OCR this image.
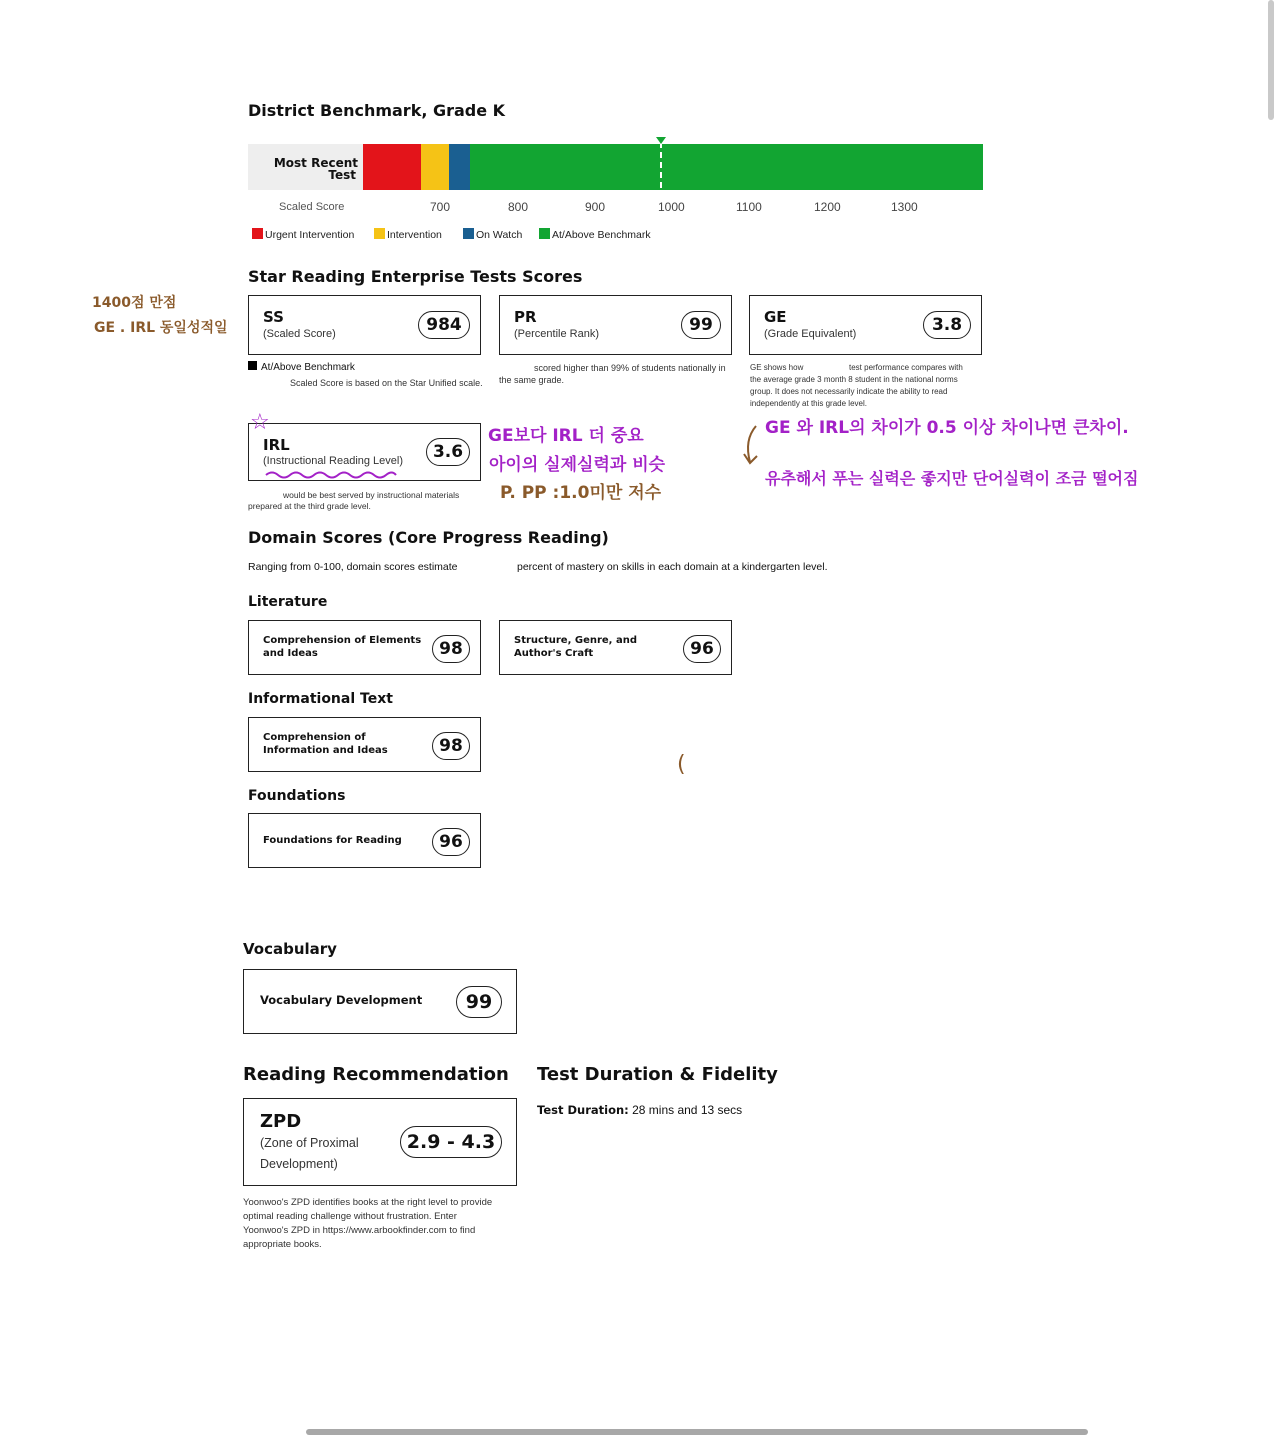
District Benchmark, Grade K
Most Recent
Test
Scaled Score	700	800	900	1000	1100	1200	1300
Urgent Intervention	Intervention	On Watch	At/Above Benchmark
Star Reading Enterprise Tests Scores
SS
(Scaled Score)	984
At/Above Benchmark
Scaled Score is based on the Star Unified scale.
PR
(Percentile Rank)	99
scored higher than 99% of students nationally in
the same grade.
GE
(Grade Equivalent)	3.8
GE shows how	test performance compares with
the average grade 3 month 8 student in the national norms
group. It does not necessarily indicate the ability to read
independently at this grade level.
IRL
(Instructional Reading Level)	3.6
would be best served by instructional materials
prepared at the third grade level.
1400점 만점
GE . IRL 동일성적일
☆
GE보다 IRL 더 중요
아이의 실제실력과 비슷
P. PP :1.0미만 저수
GE 와 IRL의 차이가 0.5 이상 차이나면 큰차이.
유추해서 푸는 실력은 좋지만 단어실력이 조금 떨어짐
Domain Scores (Core Progress Reading)
Ranging from 0-100, domain scores estimate	percent of mastery on skills in each domain at a kindergarten level.
Literature
Comprehension of Elements
and Ideas	98	Structure, Genre, and
Author's Craft	96
Informational Text
Comprehension of
Information and Ideas	98
(
Foundations
Foundations for Reading	96
Vocabulary
Vocabulary Development	99
Reading Recommendation
ZPD
(Zone of Proximal
Development)
2.9 - 4.3
Yoonwoo's ZPD identifies books at the right level to provide
optimal reading challenge without frustration. Enter
Yoonwoo's ZPD in https://www.arbookfinder.com to find
appropriate books.
Test Duration & Fidelity
Test Duration: 28 mins and 13 secs
